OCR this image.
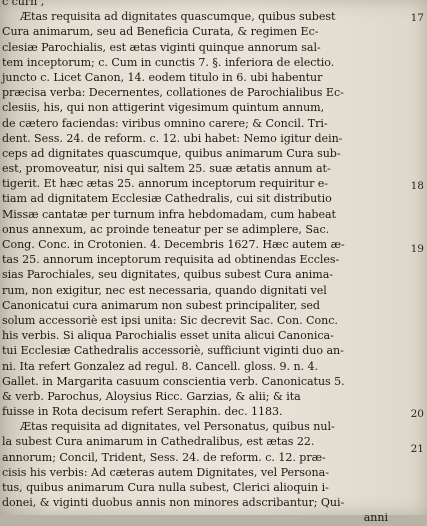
c curn ,
Ætas requisita ad dignitates quascumque, quibus subest
Cura animarum, seu ad Beneficia Curata, & regimen Ec-
clesiæ Parochialis, est ætas viginti quinque annorum sal-
tem inceptorum; c. Cum in cunctis 7. §. inferiora de electio.
juncto c. Licet Canon, 14. eodem titulo in 6. ubi habentur
præcisa verba: Decernentes, collationes de Parochialibus Ec-
clesiis, his, qui non attigerint vigesimum quintum annum,
de cætero faciendas: viribus omnino carere; & Concil. Tri-
dent. Sess. 24. de reform. c. 12. ubi habet: Nemo igitur dein-
ceps ad dignitates quascumque, quibus animarum Cura sub-
est, promoveatur, nisi qui saltem 25. suæ ætatis annum at-
tigerit. Et hæc ætas 25. annorum inceptorum requiritur e-
tiam ad dignitatem Ecclesiæ Cathedralis, cui sit distributio
Missæ cantatæ per turnum infra hebdomadam, cum habeat
onus annexum, ac proinde teneatur per se adimplere, Sac.
Cong. Conc. in Crotonien. 4. Decembris 1627. Hæc autem æ-
tas 25. annorum inceptorum requisita ad obtinendas Eccles-
sias Parochiales, seu dignitates, quibus subest Cura anima-
rum, non exigitur, nec est necessaria, quando dignitati vel
Canonicatui cura animarum non subest principaliter, sed
solum accessoriè est ipsi unita: Sic decrevit Sac. Con. Conc.
his verbis. Si aliqua Parochialis esset unita alicui Canonica-
tui Ecclesiæ Cathedralis accessoriè, sufficiunt viginti duo an-
ni. Ita refert Gonzalez ad regul. 8. Cancell. gloss. 9. n. 4.
Gallet. in Margarita casuum conscientia verb. Canonicatus 5.
& verb. Parochus, Aloysius Ricc. Garzias, & alii; & ita
fuisse in Rota decisum refert Seraphin. dec. 1183.
Ætas requisita ad dignitates, vel Personatus, quibus nul-
la subest Cura animarum in Cathedralibus, est ætas 22.
annorum; Concil, Trident, Sess. 24. de reform. c. 12. præ-
cisis his verbis: Ad cæteras autem Dignitates, vel Persona-
tus, quibus animarum Cura nulla subest, Clerici alioquin i-
donei, & viginti duobus annis non minores adscribantur; Qui-
anni
17
18
19
20
21
